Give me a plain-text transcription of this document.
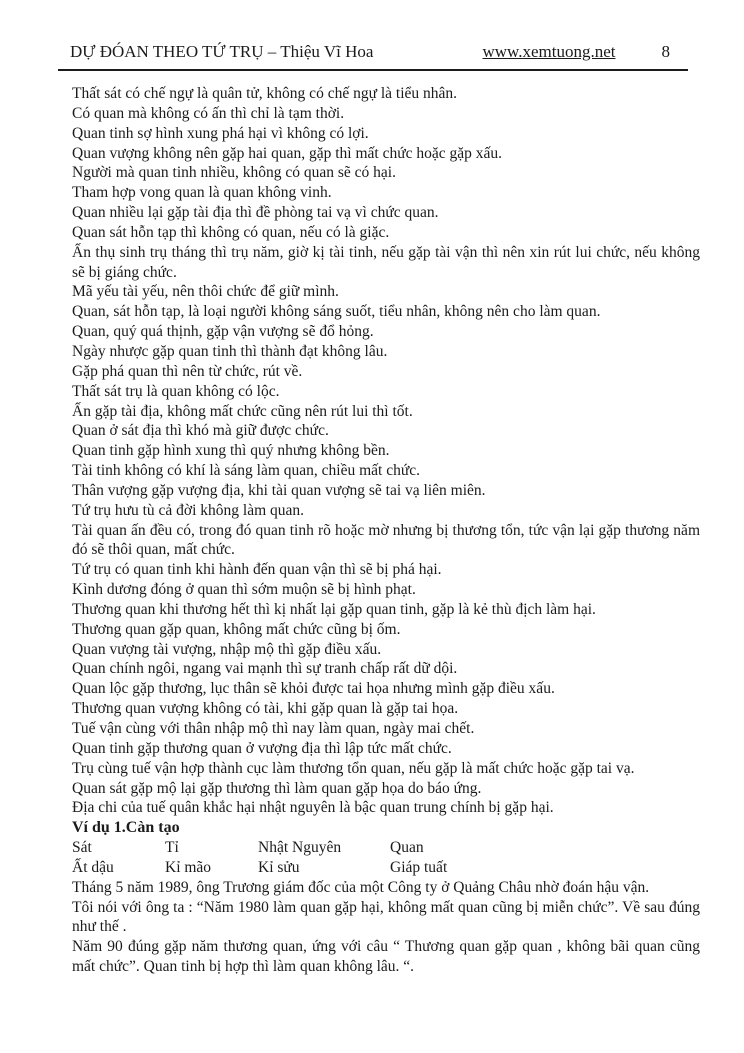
DỰ ĐÓAN THEO TỨ TRỤ – Thiệu Vĩ Hoa	www.xemtuong.net	8

Thất sát có chế ngự là quân tử, không có chế ngự là tiểu nhân.

Có quan mà không có ấn thì chỉ là tạm thời.

Quan tinh sợ hình xung phá hại vì không có lợi.

Quan vượng không nên gặp hai quan, gặp thì mất chức hoặc gặp xấu.

Người mà quan tinh nhiều, không có quan sẽ có hại.

Tham hợp vong quan là quan không vinh.

Quan nhiều lại gặp tài địa thì đề phòng tai vạ vì chức quan.

Quan sát hỗn tạp thì không có quan, nếu có là giặc.

Ấn thụ sinh trụ tháng thì trụ năm, giờ kị tài tinh, nếu gặp tài vận thì nên xin rút lui chức, nếu không sẽ bị giáng chức.

Mã yếu tài yếu, nên thôi chức để giữ mình.

Quan, sát hỗn tạp, là loại người không sáng suốt, tiểu nhân, không nên cho làm quan.

Quan, quý quá thịnh, gặp vận vượng sẽ đổ hỏng.

Ngày nhược gặp quan tinh thì thành đạt không lâu.

Gặp phá quan thì nên từ chức, rút về.

Thất sát trụ là quan không có lộc.

Ấn gặp tài địa, không mất chức cũng nên rút lui thì tốt.

Quan ở sát địa thì khó mà giữ được chức.

Quan tinh gặp hình xung thì quý nhưng không bền.

Tài tinh không có khí là sáng làm quan, chiều mất chức.

Thân vượng gặp vượng địa, khi tài quan vượng sẽ tai vạ liên miên.

Tứ trụ hưu tù cả đời không làm quan.

Tài quan ấn đều có, trong đó quan tinh rõ hoặc mờ nhưng bị thương tổn, tức vận lại gặp thương năm đó sẽ thôi quan, mất chức.

Tứ trụ có quan tinh khi hành đến quan vận thì sẽ bị phá hại.

Kình dương đóng ở quan thì sớm muộn sẽ bị hình phạt.

Thương quan khi thương hết thì kị nhất lại gặp quan tinh, gặp là kẻ thù địch làm hại.

Thương quan gặp quan, không mất chức cũng bị ốm.

Quan vượng tài vượng, nhập mộ thì gặp điều xấu.

Quan chính ngôi, ngang vai mạnh thì sự tranh chấp rất dữ dội.

Quan lộc gặp thương, lục thân sẽ khỏi được tai họa nhưng mình gặp điều xấu.

Thương quan vượng không có tài, khi gặp quan là gặp tai họa.

Tuế vận cùng với thân nhập mộ thì nay làm quan, ngày mai chết.

Quan tinh gặp thương quan ở vượng địa thì lập tức mất chức.

Trụ cùng tuế vận hợp thành cục làm thương tổn quan, nếu gặp là mất chức hoặc gặp tai vạ.

Quan sát gặp mộ lại gặp thương thì làm quan gặp họa do báo ứng.

Địa chi của tuế quân khắc hại nhật nguyên là bậc quan trung chính bị gặp hại.

Ví dụ 1.Càn tạo
Sát	Tỉ	Nhật Nguyên	Quan
Ất dậu	Kỉ mão	Kỉ sửu	Giáp tuất

Tháng 5 năm 1989, ông Trương giám đốc của một Công ty ở Quảng Châu nhờ đoán hậu vận.

Tôi nói với ông ta : “Năm 1980 làm quan gặp hại, không mất quan cũng bị miễn chức”. Về sau đúng như thế .

Năm 90 đúng gặp năm thương quan, ứng với câu “ Thương quan gặp quan , không bãi quan cũng mất chức”. Quan tinh bị hợp thì làm quan không lâu. “.
